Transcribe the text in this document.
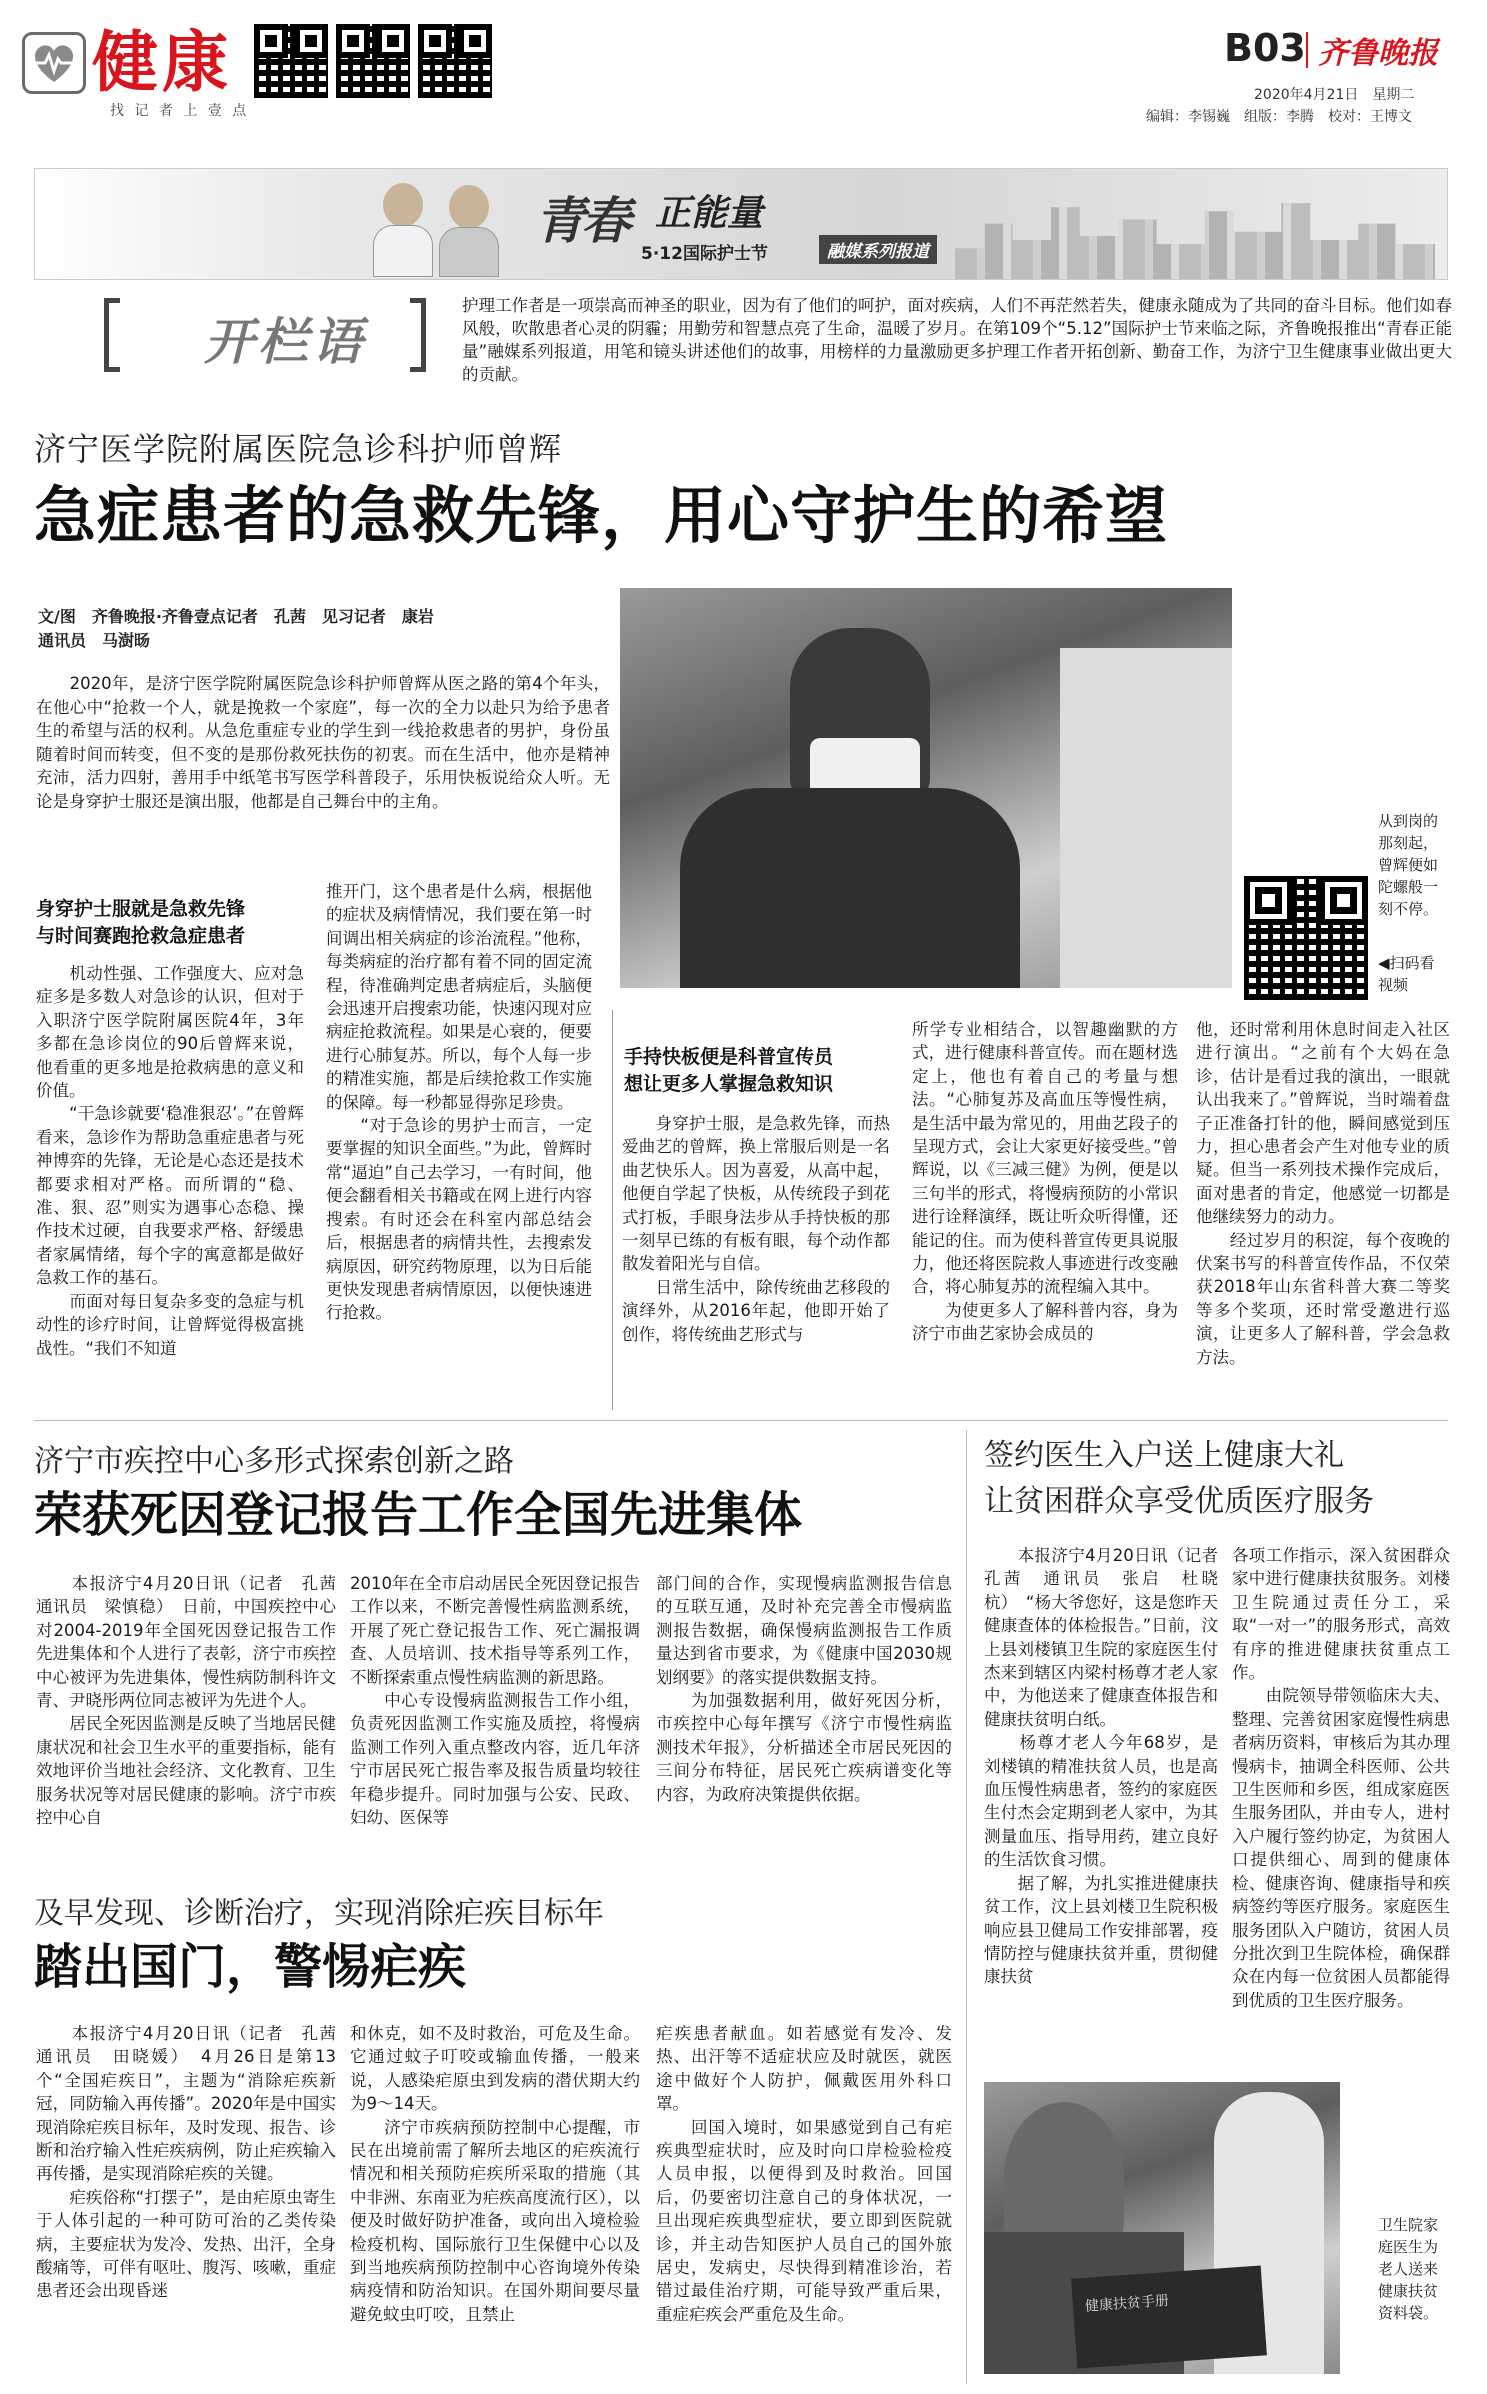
健康
找 记 者 上 壹 点
B03 齐鲁晚报
2020年4月21日　星期二
编辑：李锡巍　组版：李腾　校对：王博文
青春 正能量
5·12国际护士节	融媒系列报道
开栏语
护理工作者是一项崇高而神圣的职业，因为有了他们的呵护，面对疾病，人们不再茫然若失，健康永随成为了共同的奋斗目标。他们如春风般，吹散患者心灵的阴霾；用勤劳和智慧点亮了生命，温暖了岁月。在第109个“5.12”国际护士节来临之际，齐鲁晚报推出“青春正能量”融媒系列报道，用笔和镜头讲述他们的故事，用榜样的力量激励更多护理工作者开拓创新、勤奋工作，为济宁卫生健康事业做出更大的贡献。
济宁医学院附属医院急诊科护师曾辉
急症患者的急救先锋，用心守护生的希望
文/图　齐鲁晚报·齐鲁壹点记者　孔茜　见习记者　康岩
通讯员　马澍旸
　　2020年，是济宁医学院附属医院急诊科护师曾辉从医之路的第4个年头，在他心中“抢救一个人，就是挽救一个家庭”，每一次的全力以赴只为给予患者生的希望与活的权利。从急危重症专业的学生到一线抢救患者的男护，身份虽随着时间而转变，但不变的是那份救死扶伤的初衷。而在生活中，他亦是精神充沛，活力四射，善用手中纸笔书写医学科普段子，乐用快板说给众人听。无论是身穿护士服还是演出服，他都是自己舞台中的主角。
从到岗的那刻起，曾辉便如陀螺般一刻不停。
◀扫码看视频
身穿护士服就是急救先锋
与时间赛跑抢救急症患者
　　机动性强、工作强度大、应对急症多是多数人对急诊的认识，但对于入职济宁医学院附属医院4年，3年多都在急诊岗位的90后曾辉来说，他看重的更多地是抢救病患的意义和价值。
　　“干急诊就要‘稳准狠忍’。”在曾辉看来，急诊作为帮助急重症患者与死神博弈的先锋，无论是心态还是技术都要求相对严格。而所谓的“稳、准、狠、忍”则实为遇事心态稳、操作技术过硬，自我要求严格、舒缓患者家属情绪，每个字的寓意都是做好急救工作的基石。
　　而面对每日复杂多变的急症与机动性的诊疗时间，让曾辉觉得极富挑战性。“我们不知道
推开门，这个患者是什么病，根据他的症状及病情情况，我们要在第一时间调出相关病症的诊治流程。”他称，每类病症的治疗都有着不同的固定流程，待准确判定患者病症后，头脑便会迅速开启搜索功能，快速闪现对应病症抢救流程。如果是心衰的，便要进行心肺复苏。所以，每个人每一步的精准实施，都是后续抢救工作实施的保障。每一秒都显得弥足珍贵。
　　“对于急诊的男护士而言，一定要掌握的知识全面些。”为此，曾辉时常“逼迫”自己去学习，一有时间，他便会翻看相关书籍或在网上进行内容搜索。有时还会在科室内部总结会后，根据患者的病情共性，去搜索发病原因，研究药物原理，以为日后能更快发现患者病情原因，以便快速进行抢救。
手持快板便是科普宣传员
想让更多人掌握急救知识
　　身穿护士服，是急救先锋，而热爱曲艺的曾辉，换上常服后则是一名曲艺快乐人。因为喜爱，从高中起，他便自学起了快板，从传统段子到花式打板，手眼身法步从手持快板的那一刻早已练的有板有眼，每个动作都散发着阳光与自信。
　　日常生活中，除传统曲艺移段的演绎外，从2016年起，他即开始了创作，将传统曲艺形式与
所学专业相结合，以智趣幽默的方式，进行健康科普宣传。而在题材选定上，他也有着自己的考量与想法。“心肺复苏及高血压等慢性病，是生活中最为常见的，用曲艺段子的呈现方式，会让大家更好接受些。”曾辉说，以《三减三健》为例，便是以三句半的形式，将慢病预防的小常识进行诠释演绎，既让听众听得懂，还能记的住。而为使科普宣传更具说服力，他还将医院救人事迹进行改变融合，将心肺复苏的流程编入其中。
　　为使更多人了解科普内容，身为济宁市曲艺家协会成员的
他，还时常利用休息时间走入社区进行演出。“之前有个大妈在急诊，估计是看过我的演出，一眼就认出我来了。”曾辉说，当时端着盘子正准备打针的他，瞬间感觉到压力，担心患者会产生对他专业的质疑。但当一系列技术操作完成后，面对患者的肯定，他感觉一切都是他继续努力的动力。
　　经过岁月的积淀，每个夜晚的伏案书写的科普宣传作品，不仅荣获2018年山东省科普大赛二等奖等多个奖项，还时常受邀进行巡演，让更多人了解科普，学会急救方法。
济宁市疾控中心多形式探索创新之路
荣获死因登记报告工作全国先进集体
　　本报济宁4月20日讯（记者　孔茜　通讯员　梁慎稳）　日前，中国疾控中心对2004-2019年全国死因登记报告工作先进集体和个人进行了表彰，济宁市疾控中心被评为先进集体，慢性病防制科许文青、尹晓彤两位同志被评为先进个人。
　　居民全死因监测是反映了当地居民健康状况和社会卫生水平的重要指标，能有效地评价当地社会经济、文化教育、卫生服务状况等对居民健康的影响。济宁市疾控中心自
2010年在全市启动居民全死因登记报告工作以来，不断完善慢性病监测系统，开展了死亡登记报告工作、死亡漏报调查、人员培训、技术指导等系列工作，不断探索重点慢性病监测的新思路。
　　中心专设慢病监测报告工作小组，负责死因监测工作实施及质控，将慢病监测工作列入重点整改内容，近几年济宁市居民死亡报告率及报告质量均较往年稳步提升。同时加强与公安、民政、妇幼、医保等
部门间的合作，实现慢病监测报告信息的互联互通，及时补充完善全市慢病监测报告数据，确保慢病监测报告工作质量达到省市要求，为《健康中国2030规划纲要》的落实提供数据支持。
　　为加强数据利用，做好死因分析，市疾控中心每年撰写《济宁市慢性病监测技术年报》，分析描述全市居民死因的三间分布特征，居民死亡疾病谱变化等内容，为政府决策提供依据。
签约医生入户送上健康大礼
让贫困群众享受优质医疗服务
　　本报济宁4月20日讯（记者　孔茜　通讯员　张启　杜晓杭）　“杨大爷您好，这是您昨天健康查体的体检报告。”日前，汶上县刘楼镇卫生院的家庭医生付杰来到辖区内梁村杨尊才老人家中，为他送来了健康查体报告和健康扶贫明白纸。
　　杨尊才老人今年68岁，是刘楼镇的精准扶贫人员，也是高血压慢性病患者，签约的家庭医生付杰会定期到老人家中，为其测量血压、指导用药，建立良好的生活饮食习惯。
　　据了解，为扎实推进健康扶贫工作，汶上县刘楼卫生院积极响应县卫健局工作安排部署，疫情防控与健康扶贫并重，贯彻健康扶贫
各项工作指示，深入贫困群众家中进行健康扶贫服务。刘楼卫生院通过责任分工，采取“一对一”的服务形式，高效有序的推进健康扶贫重点工作。
　　由院领导带领临床大夫、整理、完善贫困家庭慢性病患者病历资料，审核后为其办理慢病卡，抽调全科医师、公共卫生医师和乡医，组成家庭医生服务团队，并由专人，进村入户履行签约协定，为贫困人口提供细心、周到的健康体检、健康咨询、健康指导和疾病签约等医疗服务。家庭医生服务团队入户随访，贫困人员分批次到卫生院体检，确保群众在内每一位贫困人员都能得到优质的卫生医疗服务。
健康扶贫手册
卫生院家庭医生为老人送来健康扶贫资料袋。
及早发现、诊断治疗，实现消除疟疾目标年
踏出国门，警惕疟疾
　　本报济宁4月20日讯（记者　孔茜　通讯员　田晓媛）　4月26日是第13个“全国疟疾日”，主题为“消除疟疾新冠，同防输入再传播”。2020年是中国实现消除疟疾目标年，及时发现、报告、诊断和治疗输入性疟疾病例，防止疟疾输入再传播，是实现消除疟疾的关键。
　　疟疾俗称“打摆子”，是由疟原虫寄生于人体引起的一种可防可治的乙类传染病，主要症状为发冷、发热、出汗，全身酸痛等，可伴有呕吐、腹泻、咳嗽，重症患者还会出现昏迷
和休克，如不及时救治，可危及生命。它通过蚊子叮咬或输血传播，一般来说，人感染疟原虫到发病的潜伏期大约为9～14天。
　　济宁市疾病预防控制中心提醒，市民在出境前需了解所去地区的疟疾流行情况和相关预防疟疾所采取的措施（其中非洲、东南亚为疟疾高度流行区），以便及时做好防护准备，或向出入境检验检疫机构、国际旅行卫生保健中心以及到当地疾病预防控制中心咨询境外传染病疫情和防治知识。在国外期间要尽量避免蚊虫叮咬，且禁止
疟疾患者献血。如若感觉有发冷、发热、出汗等不适症状应及时就医，就医途中做好个人防护，佩戴医用外科口罩。
　　回国入境时，如果感觉到自己有疟疾典型症状时，应及时向口岸检验检疫人员申报，以便得到及时救治。回国后，仍要密切注意自己的身体状况，一旦出现疟疾典型症状，要立即到医院就诊，并主动告知医护人员自己的国外旅居史，发病史，尽快得到精准诊治，若错过最佳治疗期，可能导致严重后果，重症疟疾会严重危及生命。
